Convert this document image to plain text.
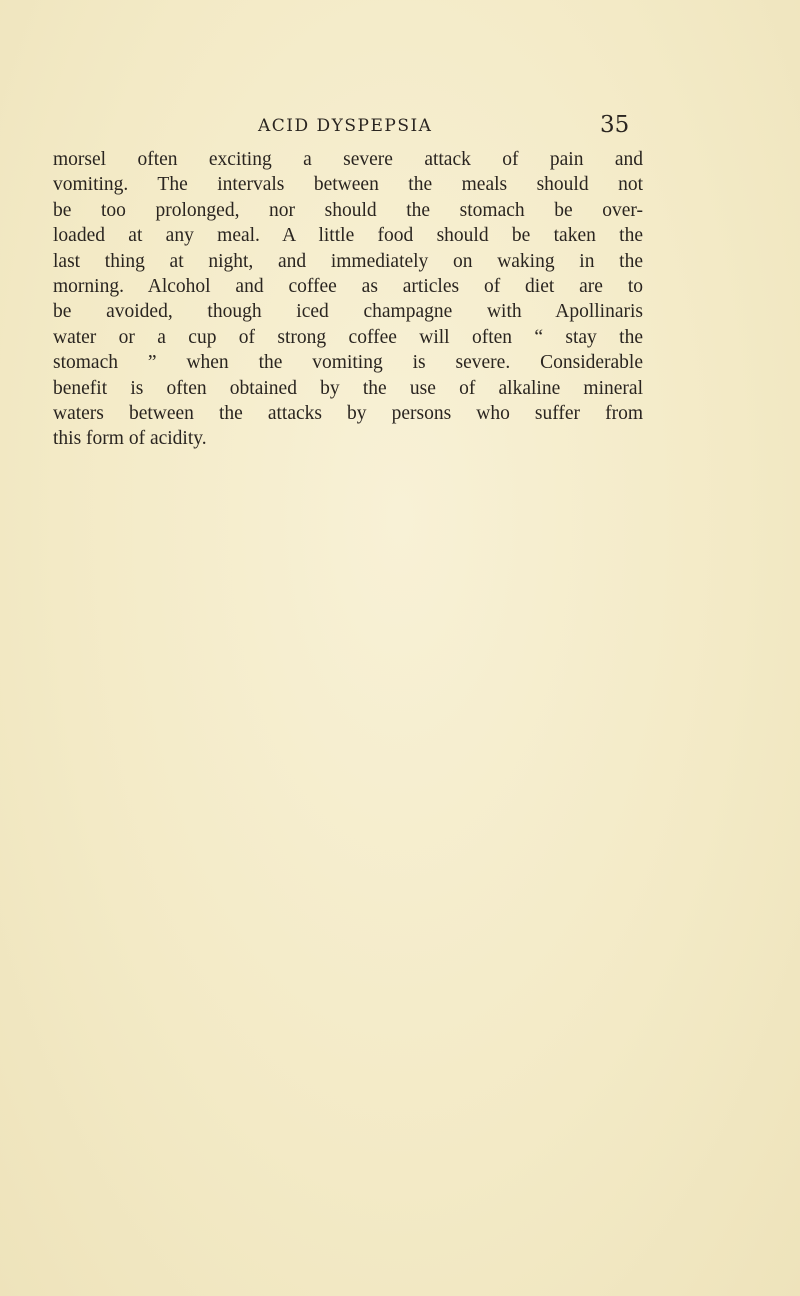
ACID DYSPEPSIA	35
morsel often exciting a severe attack of pain and
vomiting. The intervals between the meals should not
be too prolonged, nor should the stomach be over-
loaded at any meal. A little food should be taken the
last thing at night, and immediately on waking in the
morning. Alcohol and coffee as articles of diet are to
be avoided, though iced champagne with Apollinaris
water or a cup of strong coffee will often “ stay the
stomach ” when the vomiting is severe. Considerable
benefit is often obtained by the use of alkaline mineral
waters between the attacks by persons who suffer from
this form of acidity.
